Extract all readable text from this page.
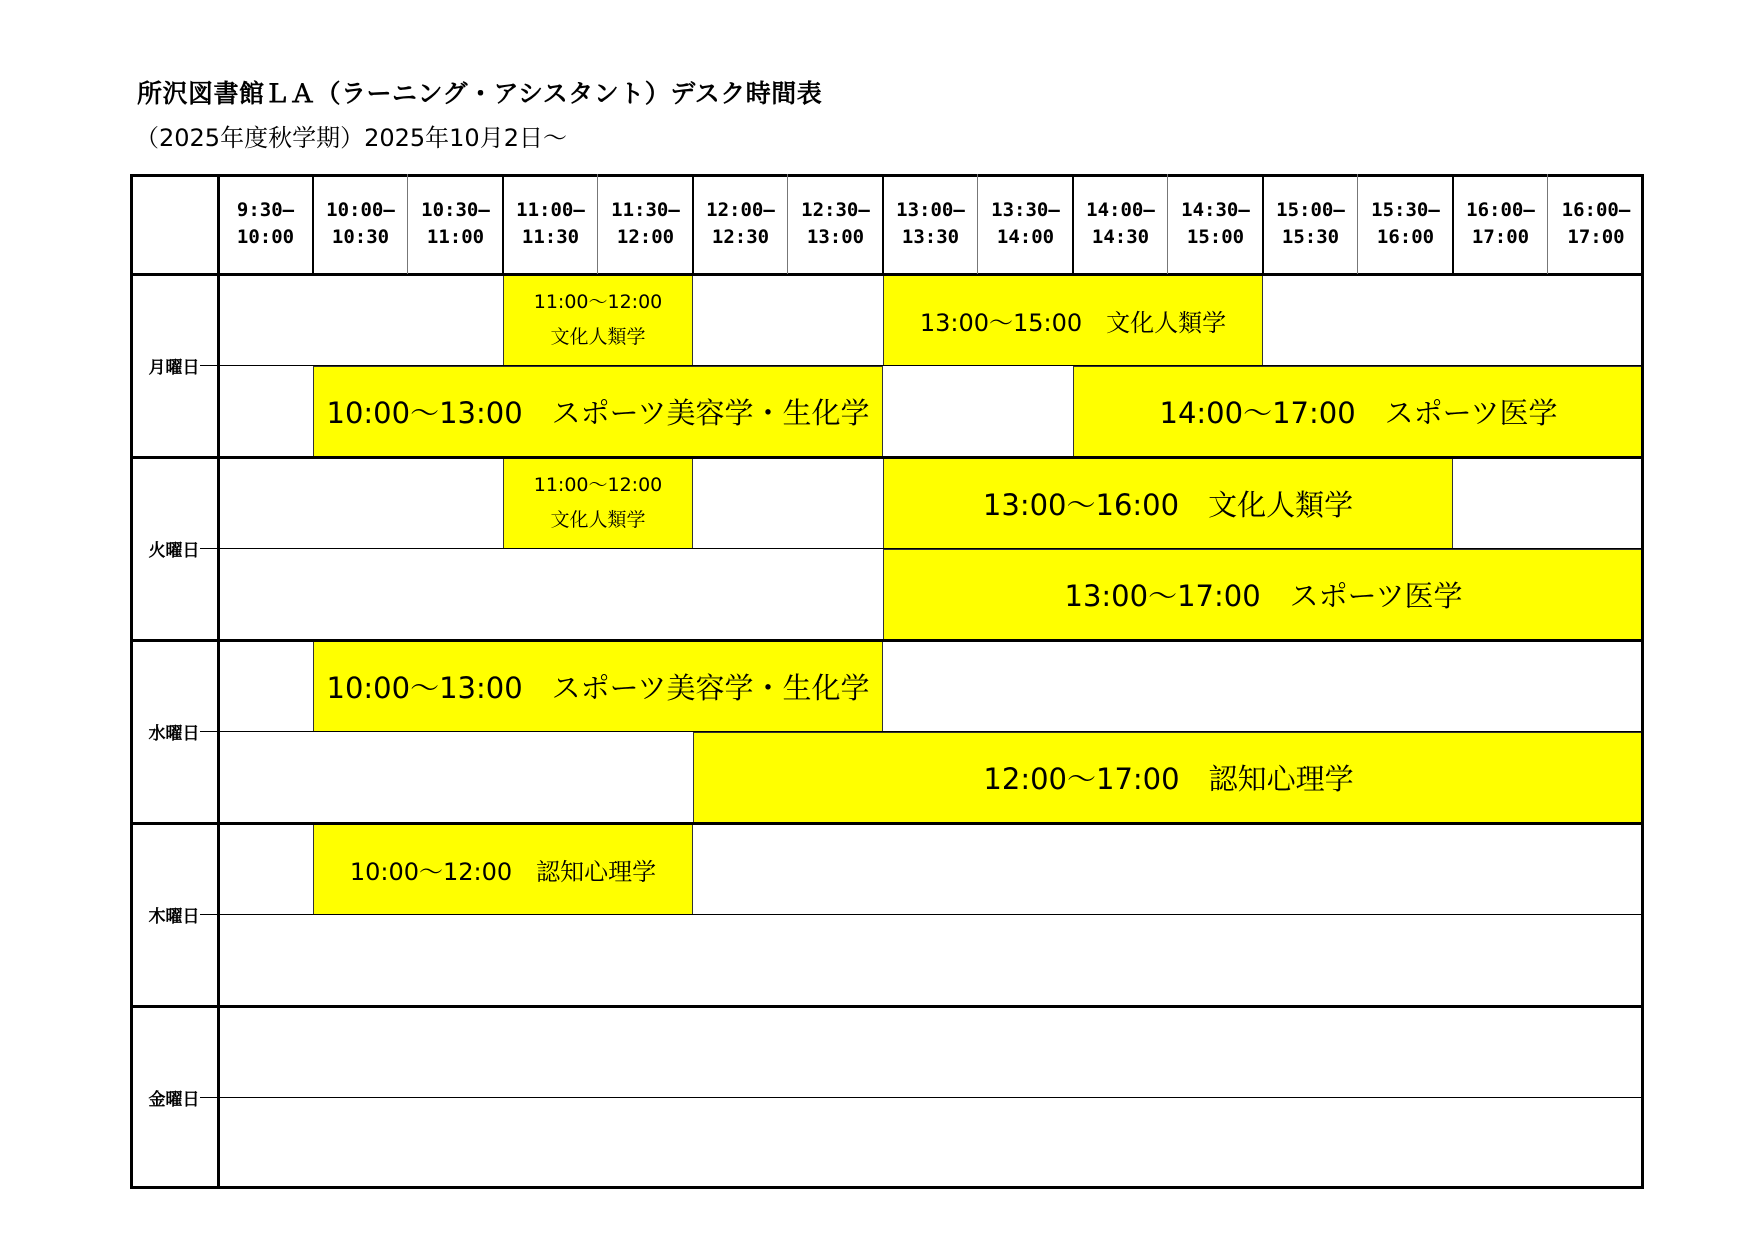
所沢図書館ＬＡ（ラーニング・アシスタント）デスク時間表
（2025年度秋学期）2025年10月2日～
9:30–
10:00
10:00–
10:30
10:30–
11:00
11:00–
11:30
11:30–
12:00
12:00–
12:30
12:30–
13:00
13:00–
13:30
13:30–
14:00
14:00–
14:30
14:30–
15:00
15:00–
15:30
15:30–
16:00
16:00–
17:00
16:00–
17:00
月曜日
火曜日
水曜日
木曜日
金曜日
11:00～12:00
文化人類学
13:00～15:00　文化人類学
10:00～13:00　スポーツ美容学・生化学	14:00～17:00　スポーツ医学
11:00～12:00
文化人類学	13:00～16:00　文化人類学
13:00～17:00　スポーツ医学
10:00～13:00　スポーツ美容学・生化学
12:00～17:00　認知心理学
10:00～12:00　認知心理学
